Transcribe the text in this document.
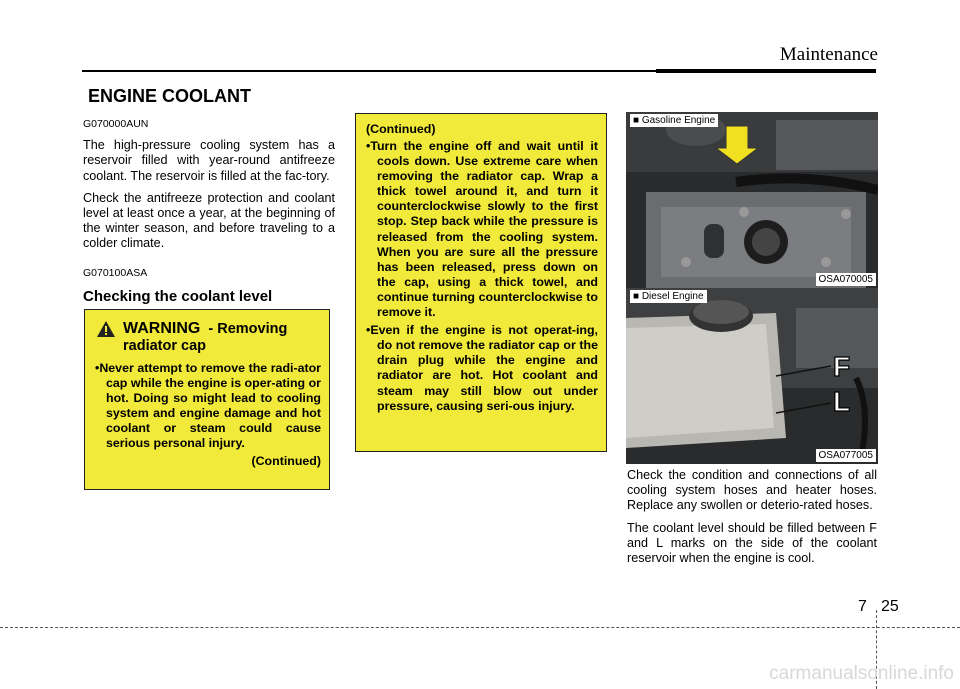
Maintenance
ENGINE COOLANT
G070000AUN

The high-pressure cooling system has a reservoir filled with year-round antifreeze coolant. The reservoir is filled at the fac-tory.

Check the antifreeze protection and coolant level at least once a year, at the beginning of the winter season, and before traveling to a colder climate.

G070100ASA
Checking the coolant level
WARNING - Removing radiator cap
• Never attempt to remove the radi-ator cap while the engine is oper-ating or hot. Doing so might lead to cooling system and engine damage and hot coolant or steam could cause serious personal injury.
(Continued)
(Continued)
• Turn the engine off and wait until it cools down. Use extreme care when removing the radiator cap. Wrap a thick towel around it, and turn it counterclockwise slowly to the first stop. Step back while the pressure is released from the cooling system. When you are sure all the pressure has been released, press down on the cap, using a thick towel, and continue turning counterclockwise to remove it.
• Even if the engine is not operat-ing, do not remove the radiator cap or the drain plug while the engine and radiator are hot. Hot coolant and steam may still blow out under pressure, causing seri-ous injury.
■ Gasoline Engine
OSA070005
F
L
■ Diesel Engine
OSA077005

Check the condition and connections of all cooling system hoses and heater hoses. Replace any swollen or deterio-rated hoses.

The coolant level should be filled between F and L marks on the side of the coolant reservoir when the engine is cool.

7 25
carmanualsonline.info
